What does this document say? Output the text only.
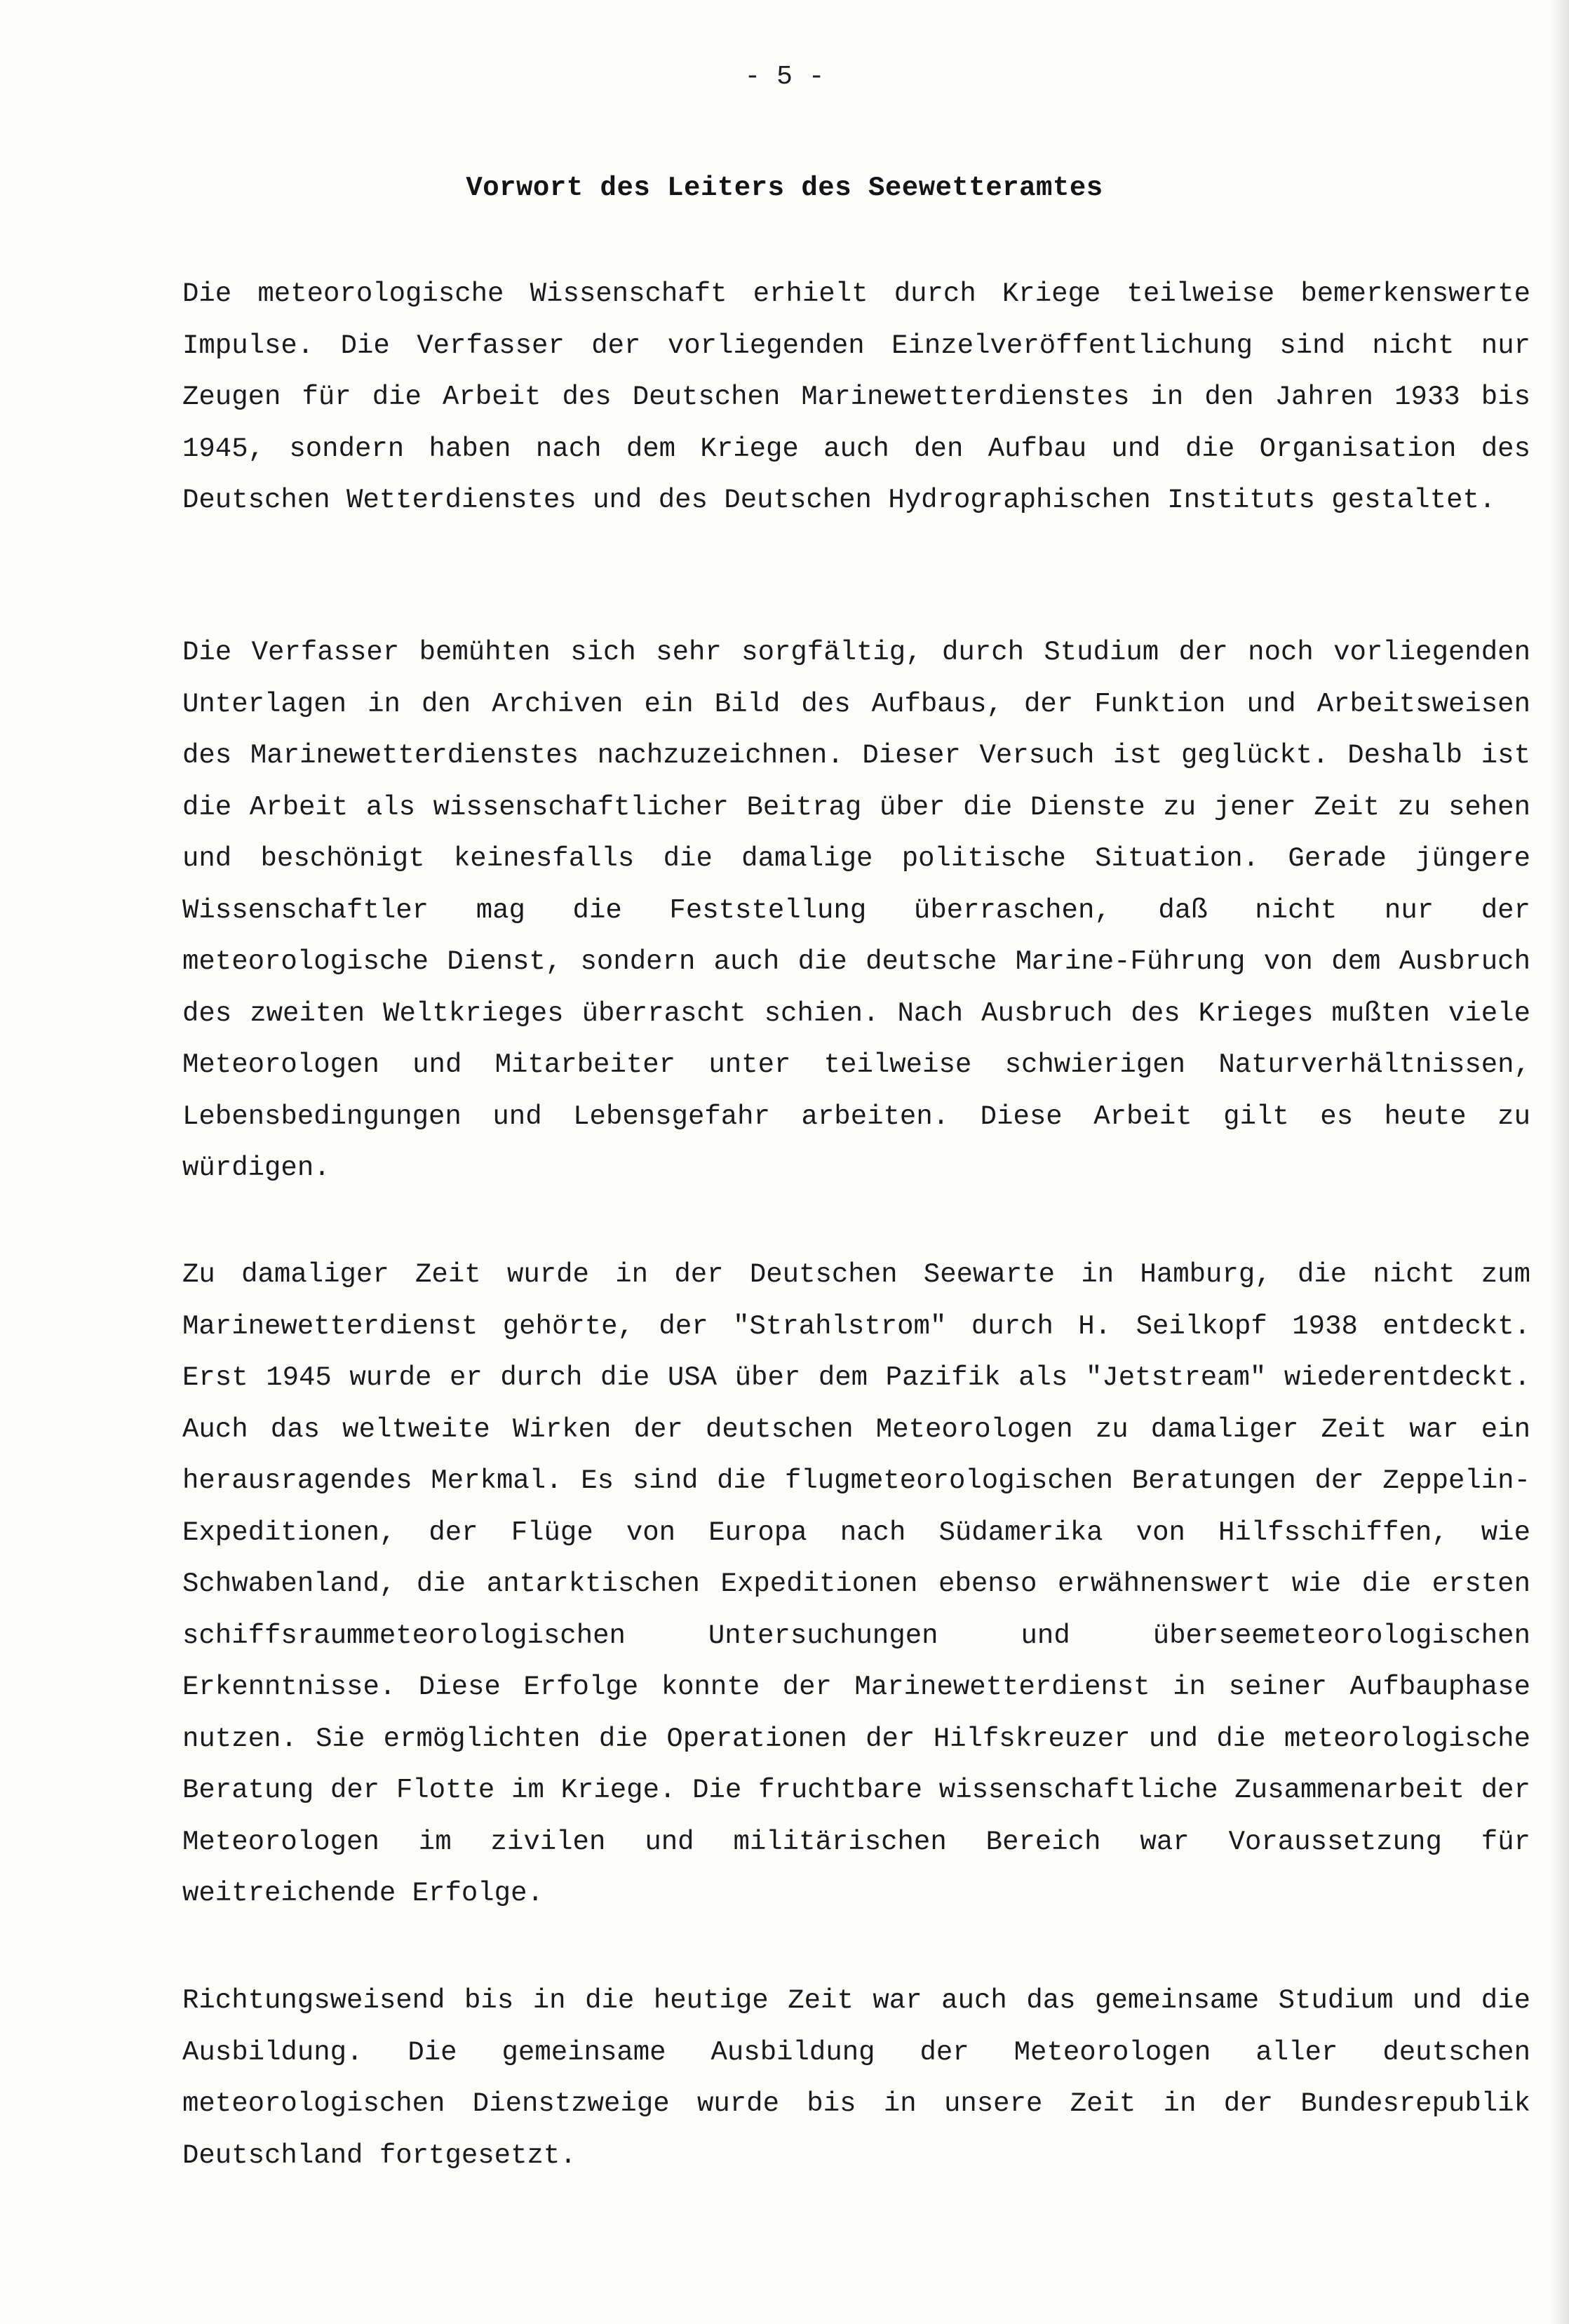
- 5 -

Vorwort des Leiters des Seewetteramtes

Die meteorologische Wissenschaft erhielt durch Kriege teilweise bemerkenswerte Impulse. Die Verfasser der vorliegenden Einzelveröffentlichung sind nicht nur Zeugen für die Arbeit des Deutschen Marinewetterdienstes in den Jahren 1933 bis 1945, sondern haben nach dem Kriege auch den Aufbau und die Organisation des Deutschen Wetterdienstes und des Deutschen Hydrographischen Instituts gestaltet.

Die Verfasser bemühten sich sehr sorgfältig, durch Studium der noch vorliegenden Unterlagen in den Archiven ein Bild des Aufbaus, der Funktion und Arbeitsweisen des Marinewetterdienstes nachzuzeichnen. Dieser Versuch ist geglückt. Deshalb ist die Arbeit als wissenschaftlicher Beitrag über die Dienste zu jener Zeit zu sehen und beschönigt keinesfalls die damalige politische Situation. Gerade jüngere Wissenschaftler mag die Feststellung überraschen, daß nicht nur der meteorologische Dienst, sondern auch die deutsche Marine-Führung von dem Ausbruch des zweiten Weltkrieges überrascht schien. Nach Ausbruch des Krieges mußten viele Meteorologen und Mitarbeiter unter teilweise schwierigen Naturverhältnissen, Lebensbedingungen und Lebensgefahr arbeiten. Diese Arbeit gilt es heute zu würdigen.

Zu damaliger Zeit wurde in der Deutschen Seewarte in Hamburg, die nicht zum Marinewetterdienst gehörte, der "Strahlstrom" durch H. Seilkopf 1938 entdeckt. Erst 1945 wurde er durch die USA über dem Pazifik als "Jetstream" wiederentdeckt. Auch das weltweite Wirken der deutschen Meteorologen zu damaliger Zeit war ein herausragendes Merkmal. Es sind die flugmeteorologischen Beratungen der Zeppelin-Expeditionen, der Flüge von Europa nach Südamerika von Hilfsschiffen, wie Schwabenland, die antarktischen Expeditionen ebenso erwähnenswert wie die ersten schiffsraummeteorologischen Untersuchungen und überseemeteorologischen Erkenntnisse. Diese Erfolge konnte der Marinewetterdienst in seiner Aufbauphase nutzen. Sie ermöglichten die Operationen der Hilfskreuzer und die meteorologische Beratung der Flotte im Kriege. Die fruchtbare wissenschaftliche Zusammenarbeit der Meteorologen im zivilen und militärischen Bereich war Voraussetzung für weitreichende Erfolge.

Richtungsweisend bis in die heutige Zeit war auch das gemeinsame Studium und die Ausbildung. Die gemeinsame Ausbildung der Meteorologen aller deutschen meteorologischen Dienstzweige wurde bis in unsere Zeit in der Bundesrepublik Deutschland fortgesetzt.
